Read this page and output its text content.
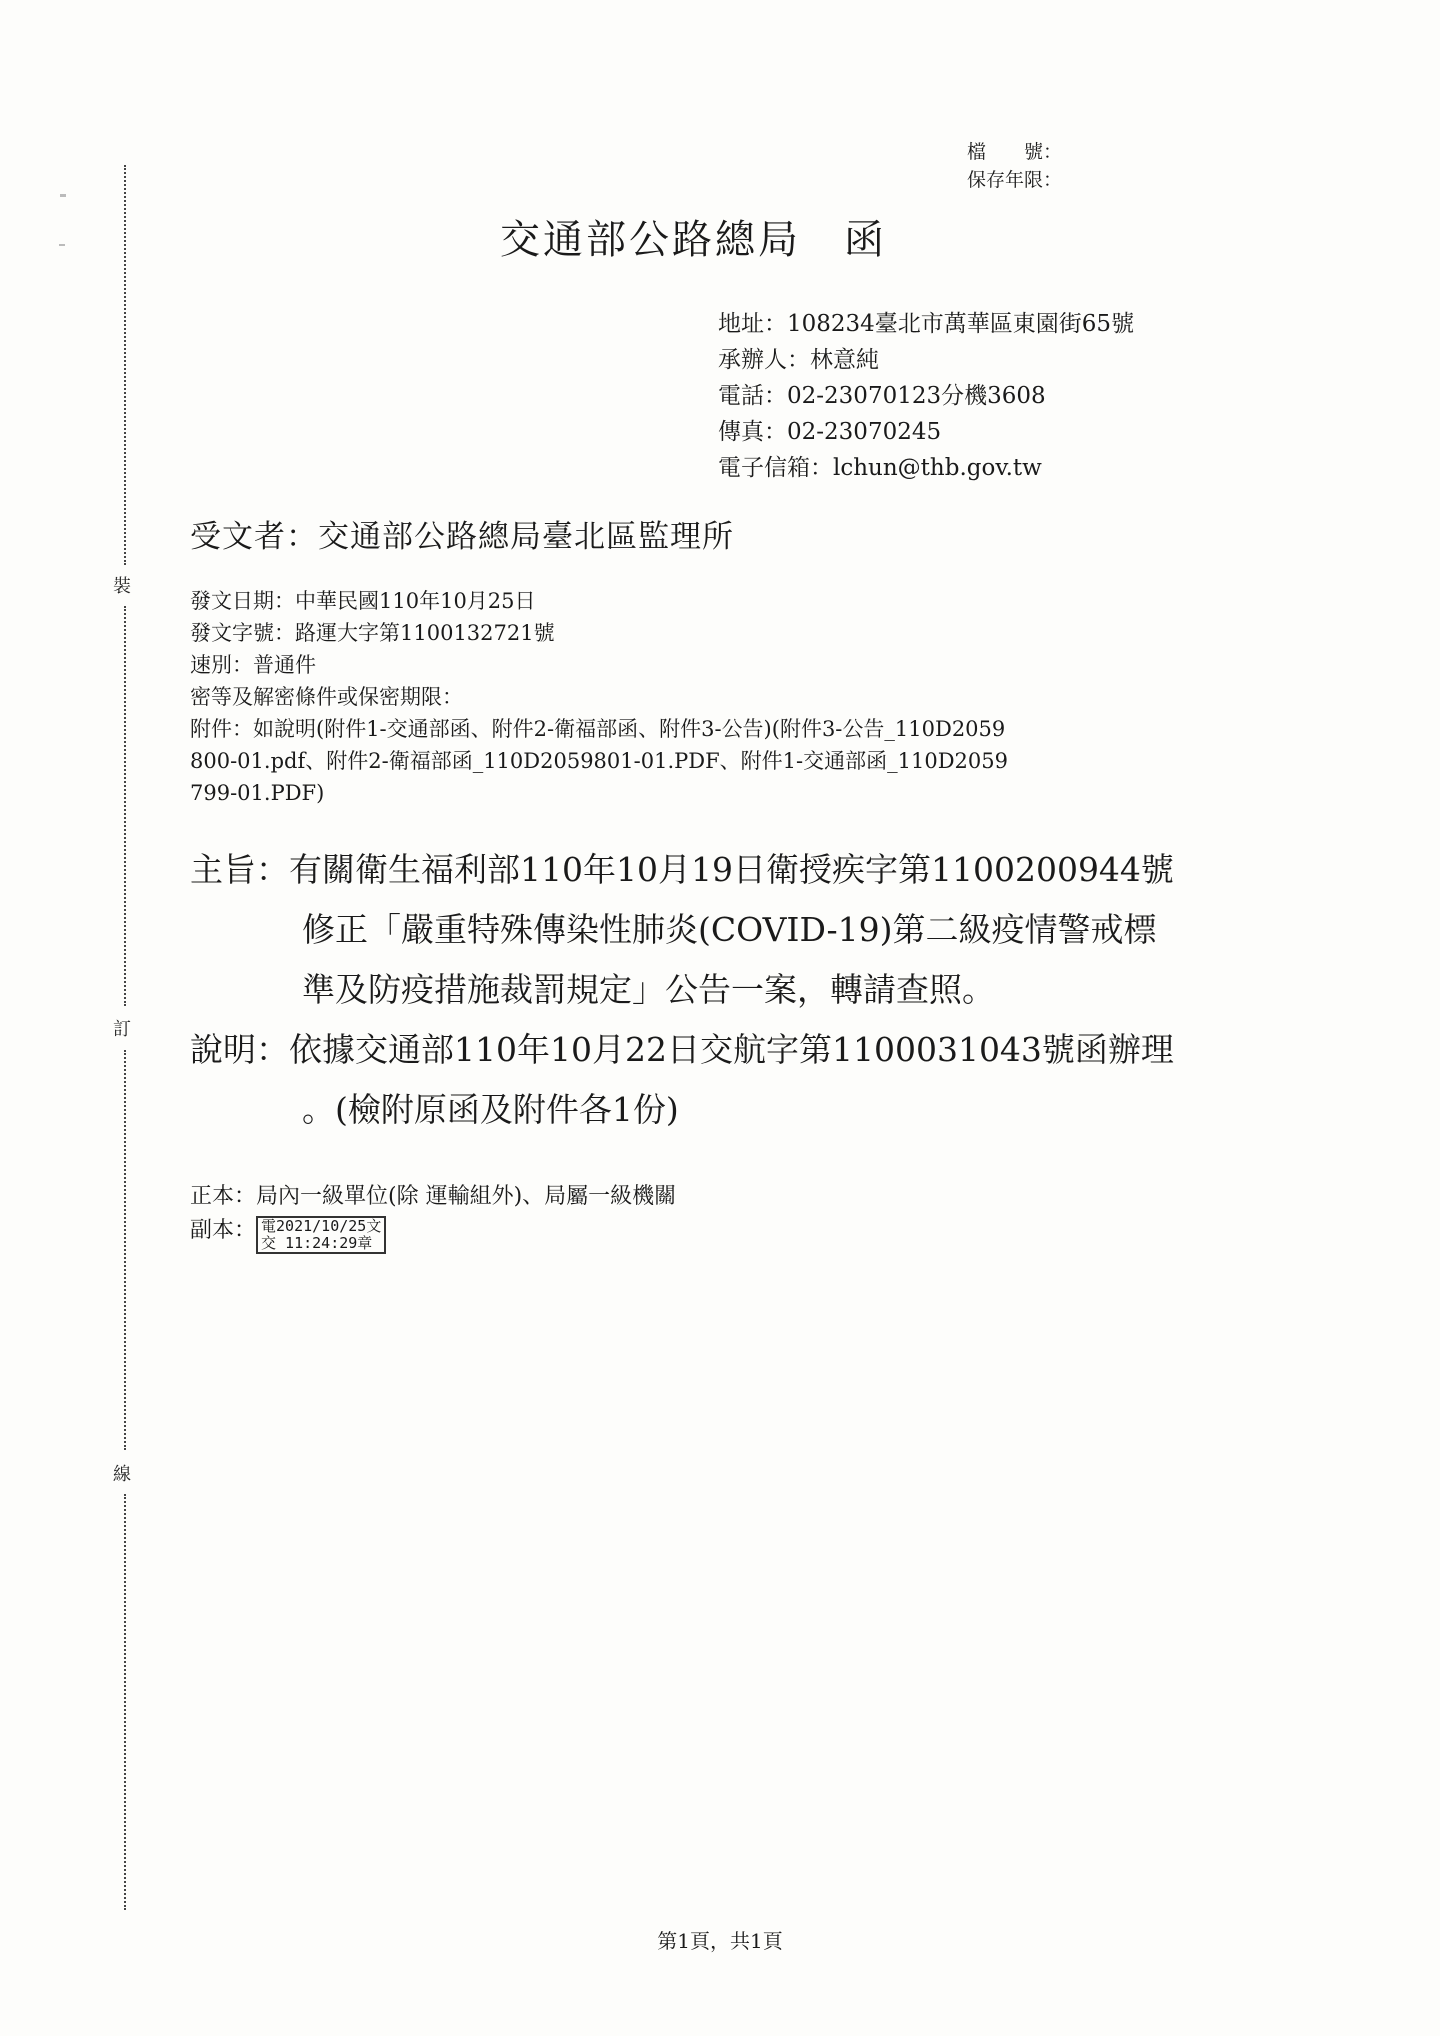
裝
訂
線
檔　　號：
保存年限：
交通部公路總局　函
地址：108234臺北市萬華區東園街65號
承辦人：林意純
電話：02-23070123分機3608
傳真：02-23070245
電子信箱：lchun@thb.gov.tw
受文者：交通部公路總局臺北區監理所
發文日期：中華民國110年10月25日
發文字號：路運大字第1100132721號
速別：普通件
密等及解密條件或保密期限：
附件：如說明(附件1-交通部函、附件2-衛福部函、附件3-公告)(附件3-公告_110D2059
800-01.pdf、附件2-衛福部函_110D2059801-01.PDF、附件1-交通部函_110D2059
799-01.PDF)
主旨：有關衛生福利部110年10月19日衛授疾字第1100200944號
修正「嚴重特殊傳染性肺炎(COVID-19)第二級疫情警戒標
準及防疫措施裁罰規定」公告一案，轉請查照。
說明：依據交通部110年10月22日交航字第1100031043號函辦理
。(檢附原函及附件各1份)
正本：局內一級單位(除 運輸組外)、局屬一級機關
副本： 電2021/10/25文
交 11:24:29章
第1頁，共1頁
